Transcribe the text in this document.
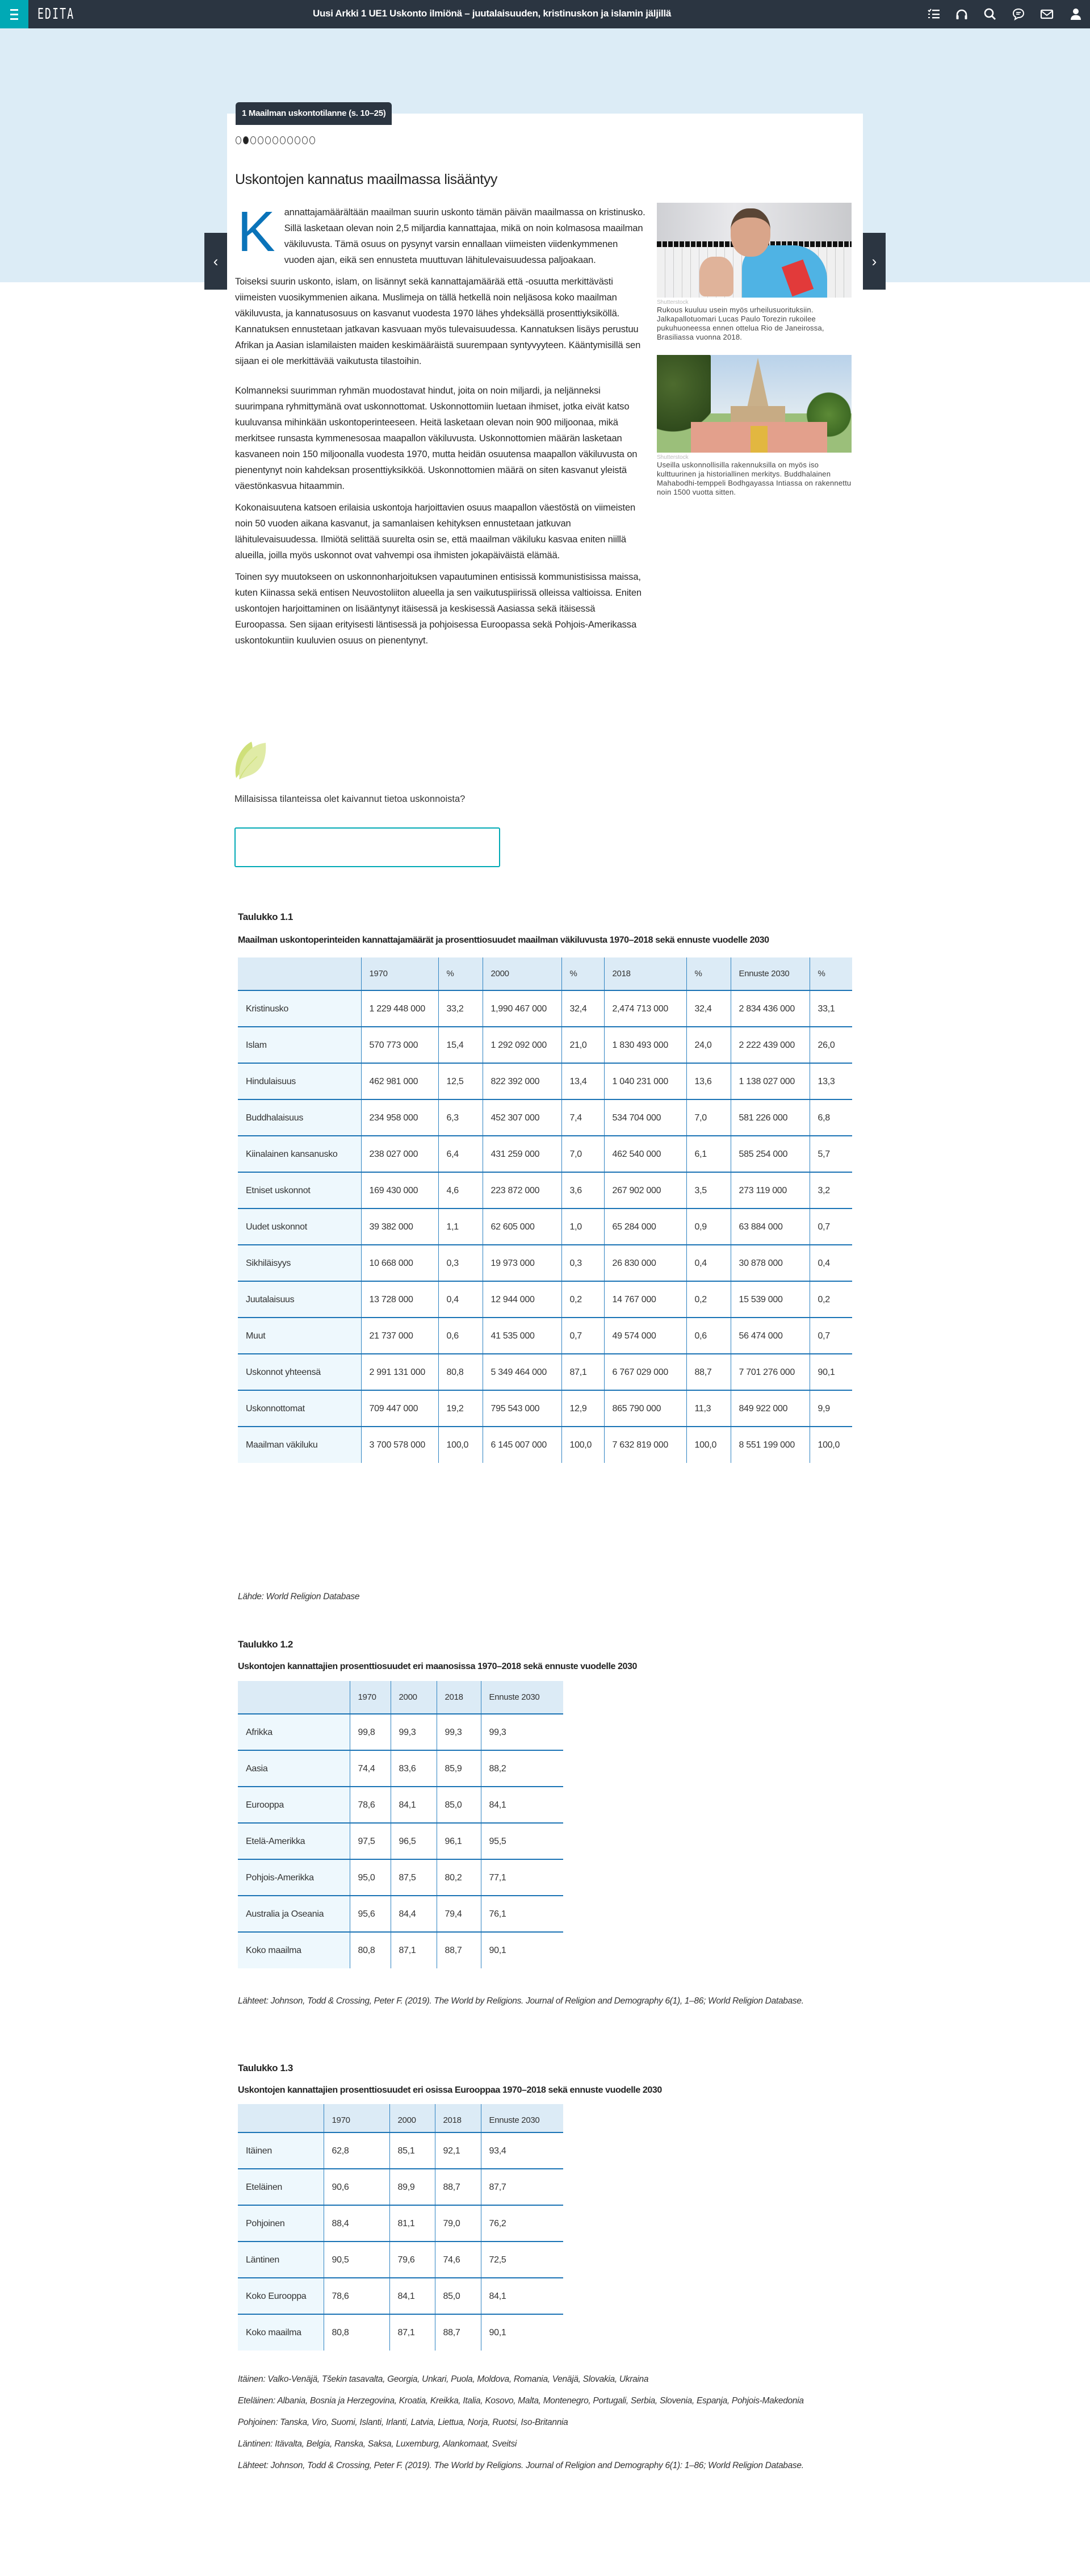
EDITA	Uusi Arkki 1 UE1 Uskonto ilmiönä – juutalaisuuden, kristinuskon ja islamin jäljillä
1 Maailman uskontotilanne (s. 10–25)
‹	›
Uskontojen kannatus maailmassa lisääntyy

Kannattajamäärältään maailman suurin uskonto tämän päivän maailmassa on kristinusko. Sillä lasketaan olevan noin 2,5 miljardia kannattajaa, mikä on noin kolmasosa maailman väkiluvusta. Tämä osuus on pysynyt varsin ennallaan viimeisten viidenkymmenen vuoden ajan, eikä sen ennusteta muuttuvan lähitulevaisuudessa paljoakaan.

Toiseksi suurin uskonto, islam, on lisännyt sekä kannattajamäärää että -osuutta merkittävästi viimeisten vuosikymmenien aikana. Muslimeja on tällä hetkellä noin neljäsosa koko maailman väkiluvusta, ja kannatusosuus on kasvanut vuodesta 1970 lähes yhdeksällä prosenttiyksiköllä. Kannatuksen ennustetaan jatkavan kasvuaan myös tulevaisuudessa. Kannatuksen lisäys perustuu Afrikan ja Aasian islamilaisten maiden keskimääräistä suurempaan syntyvyyteen. Kääntymisillä sen sijaan ei ole merkittävää vaikutusta tilastoihin.

Kolmanneksi suurimman ryhmän muodostavat hindut, joita on noin miljardi, ja neljänneksi suurimpana ryhmittymänä ovat uskonnottomat. Uskonnottomiin luetaan ihmiset, jotka eivät katso kuuluvansa mihinkään uskontoperinteeseen. Heitä lasketaan olevan noin 900 miljoonaa, mikä merkitsee runsasta kymmenesosaa maapallon väkiluvusta. Uskonnottomien määrän lasketaan kasvaneen noin 150 miljoonalla vuodesta 1970, mutta heidän osuutensa maapallon väkiluvusta on pienentynyt noin kahdeksan prosenttiyksikköä. Uskonnottomien määrä on siten kasvanut yleistä väestönkasvua hitaammin.

Kokonaisuutena katsoen erilaisia uskontoja harjoittavien osuus maapallon väestöstä on viimeisten noin 50 vuoden aikana kasvanut, ja samanlaisen kehityksen ennustetaan jatkuvan lähitulevaisuudessa. Ilmiötä selittää suurelta osin se, että maailman väkiluku kasvaa eniten niillä alueilla, joilla myös uskonnot ovat vahvempi osa ihmisten jokapäiväistä elämää.

Toinen syy muutokseen on uskonnonharjoituksen vapautuminen entisissä kommunistisissa maissa, kuten Kiinassa sekä entisen Neuvostoliiton alueella ja sen vaikutuspiirissä olleissa valtioissa. Eniten uskontojen harjoittaminen on lisääntynyt itäisessä ja keskisessä Aasiassa sekä itäisessä Euroopassa. Sen sijaan erityisesti läntisessä ja pohjoisessa Euroopassa sekä Pohjois-Amerikassa uskontokuntiin kuuluvien osuus on pienentynyt.

Shutterstock
Rukous kuuluu usein myös urheilusuorituksiin. Jalkapallotuomari Lucas Paulo Torezin rukoilee pukuhuoneessa ennen ottelua Rio de Janeirossa, Brasiliassa vuonna 2018.
Shutterstock
Useilla uskonnollisilla rakennuksilla on myös iso kulttuurinen ja historiallinen merkitys. Buddhalainen Mahabodhi-temppeli Bodhgayassa Intiassa on rakennettu noin 1500 vuotta sitten.
Millaisissa tilanteissa olet kaivannut tietoa uskonnoista?
Taulukko 1.1
Maailman uskontoperinteiden kannattajamäärät ja prosenttiosuudet maailman väkiluvusta 1970–2018 sekä ennuste vuodelle 2030
	1970	%	2000	%	2018	%	Ennuste 2030	%
Kristinusko	1 229 448 000	33,2	1,990 467 000	32,4	2,474 713 000	32,4	2 834 436 000	33,1
Islam	570 773 000	15,4	1 292 092 000	21,0	1 830 493 000	24,0	2 222 439 000	26,0
Hindulaisuus	462 981 000	12,5	822 392 000	13,4	1 040 231 000	13,6	1 138 027 000	13,3
Buddhalaisuus	234 958 000	6,3	452 307 000	7,4	534 704 000	7,0	581 226 000	6,8
Kiinalainen kansanusko	238 027 000	6,4	431 259 000	7,0	462 540 000	6,1	585 254 000	5,7
Etniset uskonnot	169 430 000	4,6	223 872 000	3,6	267 902 000	3,5	273 119 000	3,2
Uudet uskonnot	39 382 000	1,1	62 605 000	1,0	65 284 000	0,9	63 884 000	0,7
Sikhiläisyys	10 668 000	0,3	19 973 000	0,3	26 830 000	0,4	30 878 000	0,4
Juutalaisuus	13 728 000	0,4	12 944 000	0,2	14 767 000	0,2	15 539 000	0,2
Muut	21 737 000	0,6	41 535 000	0,7	49 574 000	0,6	56 474 000	0,7
Uskonnot yhteensä	2 991 131 000	80,8	5 349 464 000	87,1	6 767 029 000	88,7	7 701 276 000	90,1
Uskonnottomat	709 447 000	19,2	795 543 000	12,9	865 790 000	11,3	849 922 000	9,9
Maailman väkiluku	3 700 578 000	100,0	6 145 007 000	100,0	7 632 819 000	100,0	8 551 199 000	100,0
Lähde: World Religion Database
Taulukko 1.2
Uskontojen kannattajien prosenttiosuudet eri maanosissa 1970–2018 sekä ennuste vuodelle 2030
	1970	2000	2018	Ennuste 2030
Afrikka	99,8	99,3	99,3	99,3
Aasia	74,4	83,6	85,9	88,2
Eurooppa	78,6	84,1	85,0	84,1
Etelä-Amerikka	97,5	96,5	96,1	95,5
Pohjois-Amerikka	95,0	87,5	80,2	77,1
Australia ja Oseania	95,6	84,4	79,4	76,1
Koko maailma	80,8	87,1	88,7	90,1
Lähteet: Johnson, Todd & Crossing, Peter F. (2019). The World by Religions. Journal of Religion and Demography 6(1), 1–86; World Religion Database.
Taulukko 1.3
Uskontojen kannattajien prosenttiosuudet eri osissa Eurooppaa 1970–2018 sekä ennuste vuodelle 2030
	1970	2000	2018	Ennuste 2030
Itäinen	62,8	85,1	92,1	93,4
Eteläinen	90,6	89,9	88,7	87,7
Pohjoinen	88,4	81,1	79,0	76,2
Läntinen	90,5	79,6	74,6	72,5
Koko Eurooppa	78,6	84,1	85,0	84,1
Koko maailma	80,8	87,1	88,7	90,1

Itäinen: Valko-Venäjä, Tšekin tasavalta, Georgia, Unkari, Puola, Moldova, Romania, Venäjä, Slovakia, Ukraina

Eteläinen: Albania, Bosnia ja Herzegovina, Kroatia, Kreikka, Italia, Kosovo, Malta, Montenegro, Portugali, Serbia, Slovenia, Espanja, Pohjois-Makedonia

Pohjoinen: Tanska, Viro, Suomi, Islanti, Irlanti, Latvia, Liettua, Norja, Ruotsi, Iso-Britannia

Läntinen: Itävalta, Belgia, Ranska, Saksa, Luxemburg, Alankomaat, Sveitsi

Lähteet: Johnson, Todd & Crossing, Peter F. (2019). The World by Religions. Journal of Religion and Demography 6(1): 1–86; World Religion Database.
